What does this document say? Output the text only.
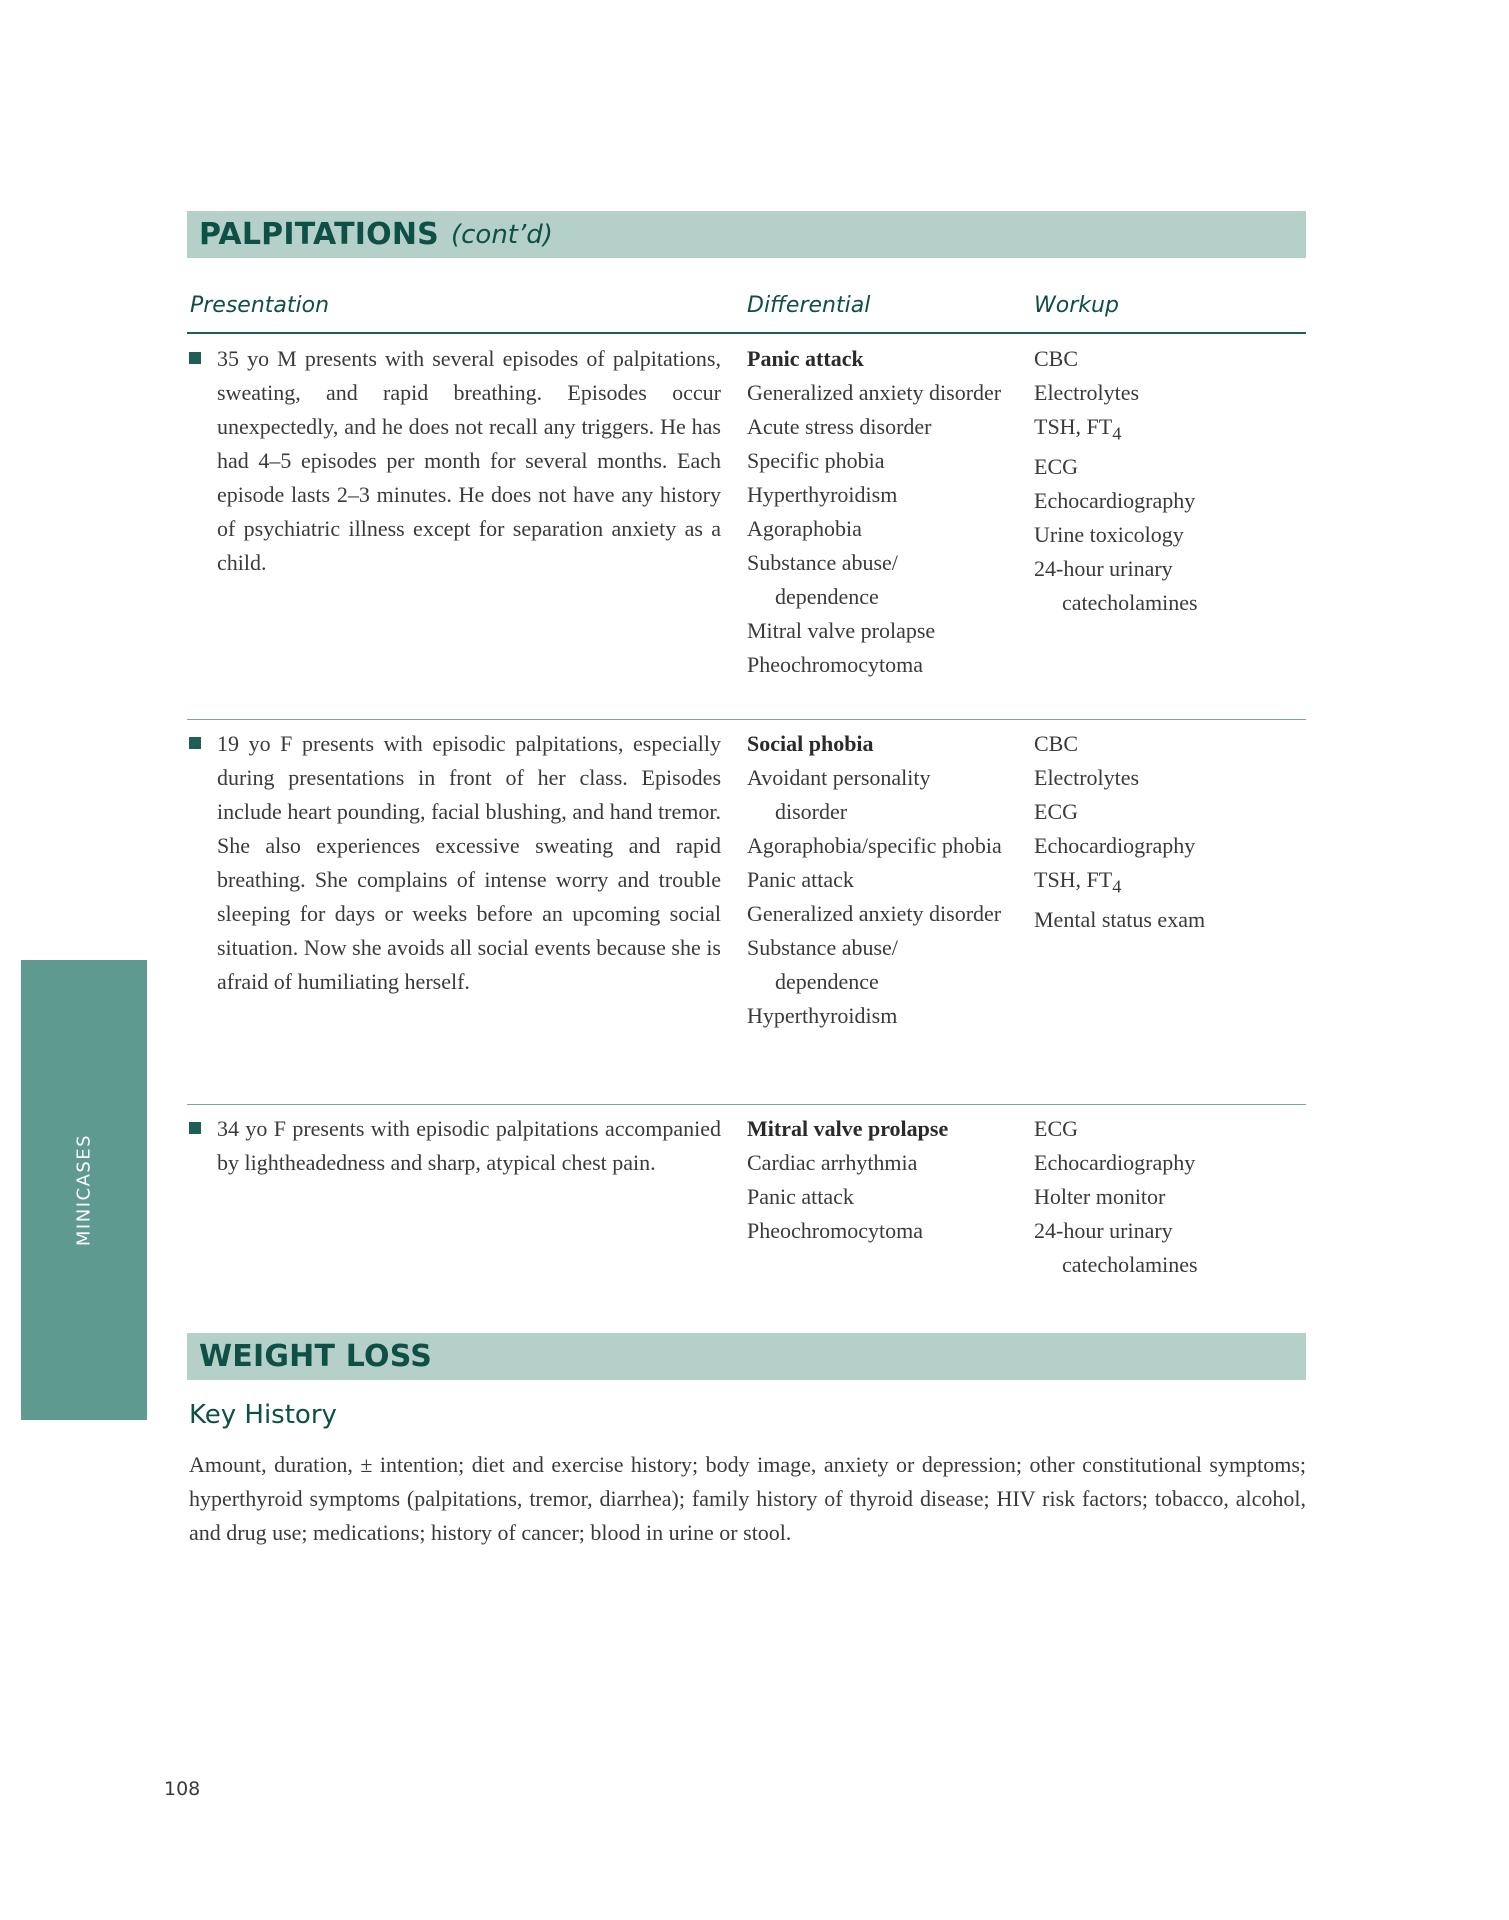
PALPITATIONS (cont’d)
Presentation	Differential	Workup
35 yo M presents with several episodes of palpitations, sweating, and rapid breathing. Episodes occur unexpectedly, and he does not recall any triggers. He has had 4–5 episodes per month for several months. Each episode lasts 2–3 minutes. He does not have any history of psychiatric illness except for separation anxiety as a child.
Panic attack
Generalized anxiety disorder
Acute stress disorder
Specific phobia
Hyperthyroidism
Agoraphobia
Substance abuse/ dependence
Mitral valve prolapse
Pheochromocytoma
CBC
Electrolytes
TSH, $FT_4$
ECG
Echocardiography
Urine toxicology
24-hour urinary catecholamines
19 yo F presents with episodic palpitations, especially during presentations in front of her class. Episodes include heart pounding, facial blushing, and hand tremor. She also experiences excessive sweating and rapid breathing. She complains of intense worry and trouble sleeping for days or weeks before an upcoming social situation. Now she avoids all social events because she is afraid of humiliating herself.
Social phobia
Avoidant personality disorder
Agoraphobia/specific phobia
Panic attack
Generalized anxiety disorder
Substance abuse/ dependence
Hyperthyroidism
CBC
Electrolytes
ECG
Echocardiography
TSH, $FT_4$
Mental status exam
34 yo F presents with episodic palpitations accompanied by lightheadedness and sharp, atypical chest pain.
Mitral valve prolapse
Cardiac arrhythmia
Panic attack
Pheochromocytoma
ECG
Echocardiography
Holter monitor
24-hour urinary catecholamines
MINICASES
WEIGHT LOSS
Key History
Amount, duration, ± intention; diet and exercise history; body image, anxiety or depression; other constitutional symptoms; hyperthyroid symptoms (palpitations, tremor, diarrhea); family history of thyroid disease; HIV risk factors; tobacco, alcohol, and drug use; medications; history of cancer; blood in urine or stool.
108
